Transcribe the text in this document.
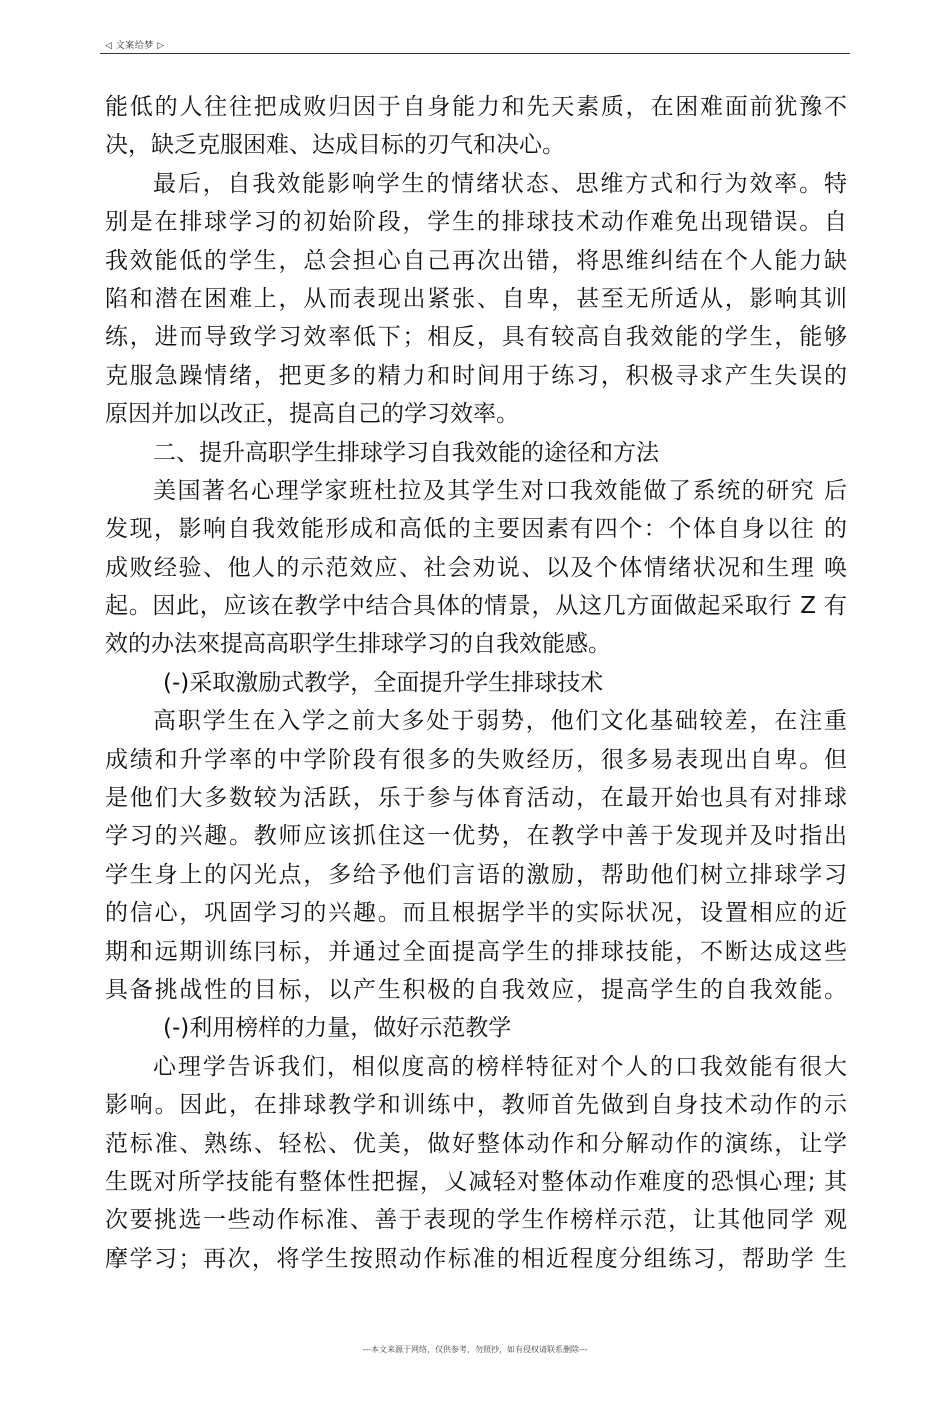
◁ 文案给梦 ▷
能低的人往往把成败归因于自身能力和先天素质，在困难面前犹豫不
决，缺乏克服困难、达成目标的刃气和决心。
最后，自我效能影响学生的情绪状态、思维方式和行为效率。特
别是在排球学习的初始阶段，学生的排球技术动作难免出现错误。自
我效能低的学生，总会担心自己再次出错，将思维纠结在个人能力缺
陷和潜在困难上，从而表现出紧张、自卑，甚至无所适从，影响其训
练，进而导致学习效率低下；相反，具有较高自我效能的学生，能够
克服急躁情绪，把更多的精力和时间用于练习，积极寻求产生失误的
原因并加以改正，提高自己的学习效率。
二、提升高职学生排球学习自我效能的途径和方法
美国著名心理学家班杜拉及其学生对口我效能做了系统的研究 后
发现，影响自我效能形成和高低的主要因素有四个：个体自身以往 的
成败经验、他人的示范效应、社会劝说、以及个体情绪状况和生理 唤
起。因此，应该在教学中结合具体的情景，从这几方面做起采取行 Z 有
效的办法來提高高职学生排球学习的自我效能感。
(-)采取激励式教学，全面提升学生排球技术
高职学生在入学之前大多处于弱势，他们文化基础较差，在注重
成绩和升学率的中学阶段有很多的失败经历，很多易表现出自卑。但
是他们大多数较为活跃，乐于参与体育活动，在最开始也具有对排球
学习的兴趣。教师应该抓住这一优势，在教学中善于发现并及吋指出
学生身上的闪光点，多给予他们言语的激励，帮助他们树立排球学习
的信心，巩固学习的兴趣。而且根据学半的实际状况，设置相应的近
期和远期训练冃标，并通过全面提高学生的排球技能，不断达成这些
具备挑战性的目标，以产生积极的自我效应，提高学生的自我效能。
(-)利用榜样的力量，做好示范教学
心理学告诉我们，相似度高的榜样特征对个人的口我效能有很大
影响。因此，在排球教学和训练中，教师首先做到自身技术动作的示
范标准、熟练、轻松、优美，做好整体动作和分解动作的演练，让学
生既对所学技能有整体性把握，乂减轻对整体动作难度的恐惧心理; 其
次要挑选一些动作标准、善于表现的学生作榜样示范，让其他同学 观
摩学习；再次，将学生按照动作标准的相近程度分组练习，帮助学 生
---本文来源于网络，仅供参考，勿照抄，如有侵权请联系删除---
